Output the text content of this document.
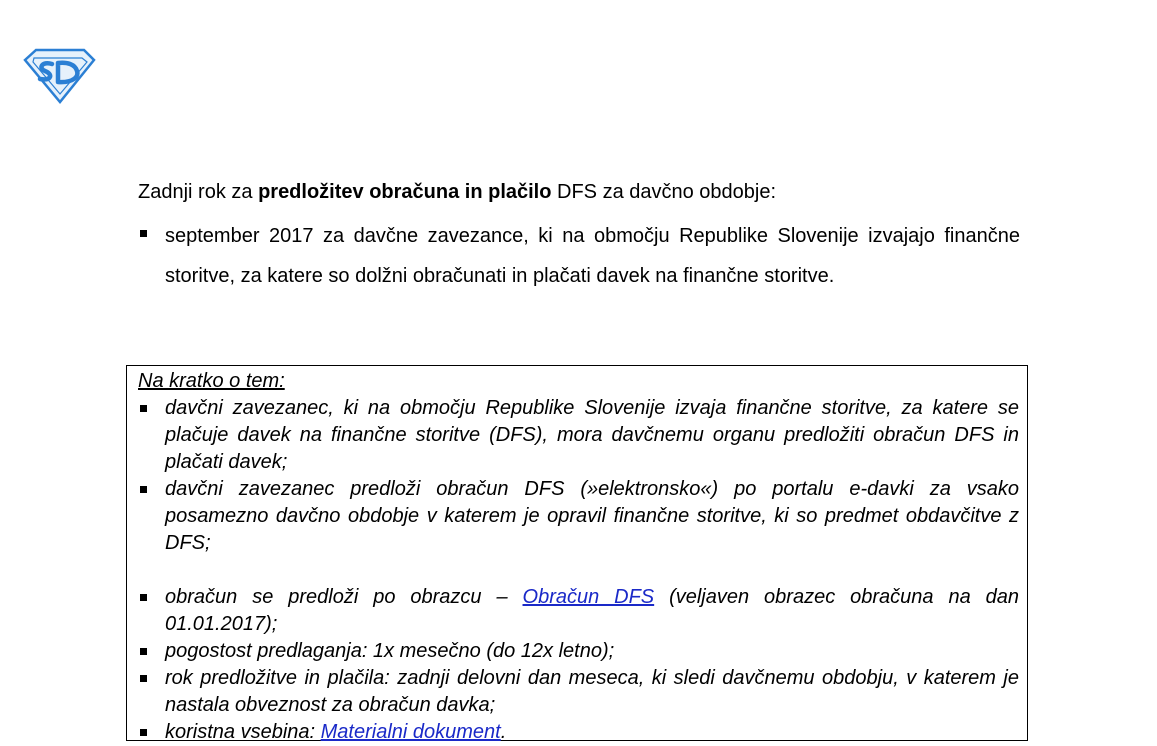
Zadnji rok za predložitev obračuna in plačilo DFS za davčno obdobje:

september 2017 za davčne zavezance, ki na območju Republike Slovenije izvajajo finančne storitve, za katere so dolžni obračunati in plačati davek na finančne storitve.

Na kratko o tem:

davčni zavezanec, ki na območju Republike Slovenije izvaja finančne storitve, za katere se plačuje davek na finančne storitve (DFS), mora davčnemu organu predložiti obračun DFS in plačati davek;
davčni zavezanec predloži obračun DFS (»elektronsko«) po portalu e-davki za vsako posamezno davčno obdobje v katerem je opravil finančne storitve, ki so predmet obdavčitve z DFS;
obračun se predloži po obrazcu – Obračun DFS (veljaven obrazec obračuna na dan 01.01.2017);
pogostost predlaganja: 1x mesečno (do 12x letno);
rok predložitve in plačila: zadnji delovni dan meseca, ki sledi davčnemu obdobju, v katerem je nastala obveznost za obračun davka;
koristna vsebina: Materialni dokument.
